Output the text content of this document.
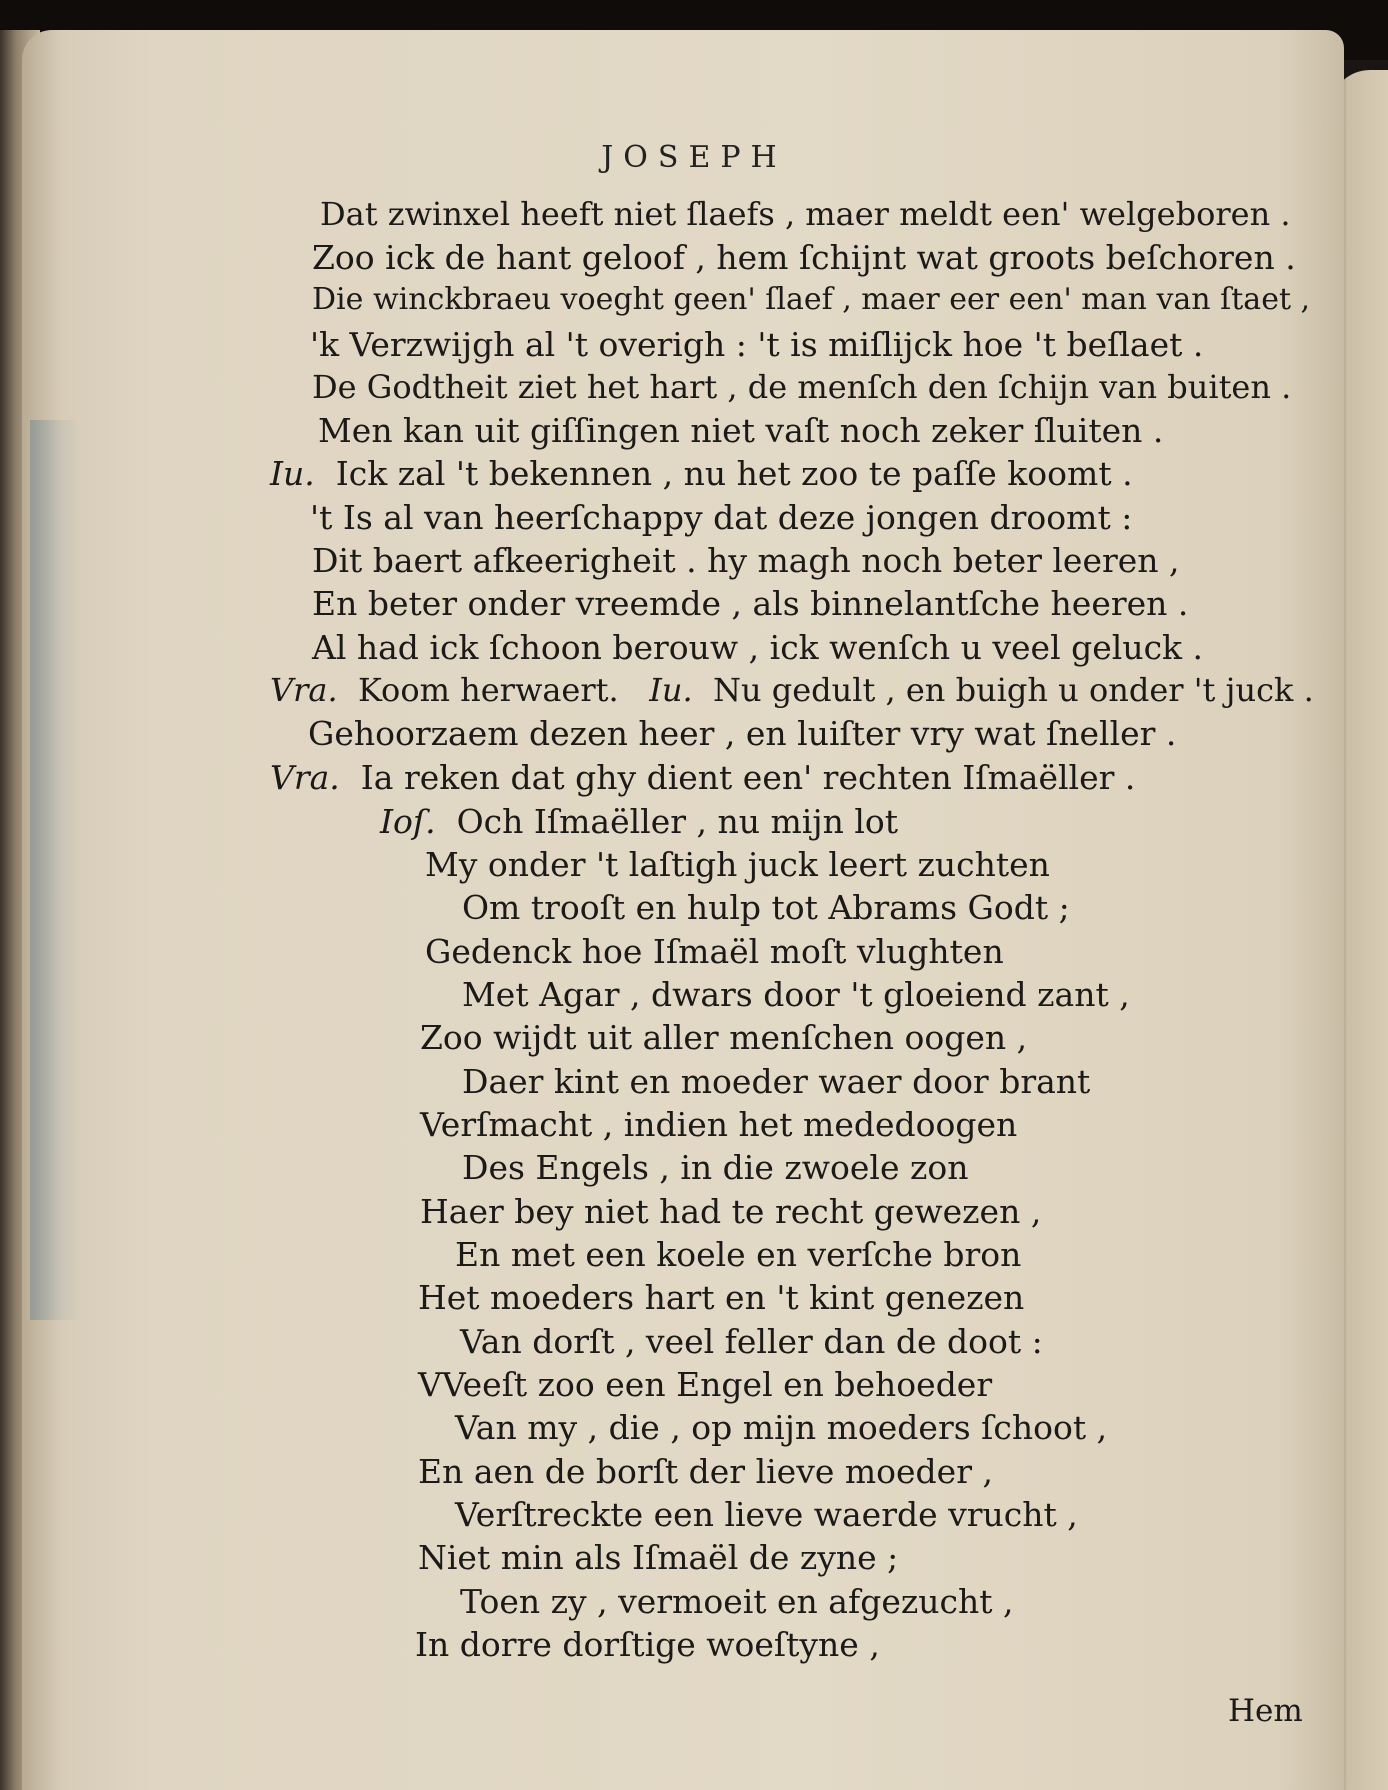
JOSEPH
Dat zwinxel heeft niet ſlaefs , maer meldt een' welgeboren .
Zoo ick de hant geloof , hem ſchijnt wat groots beſchoren .
Die winckbraeu voeght geen' ſlaef , maer eer een' man van ſtaet ,
'k Verzwijgh al 't overigh : 't is miſlijck hoe 't beſlaet .
De Godtheit ziet het hart , de menſch den ſchijn van buiten .
Men kan uit giſſingen niet vaſt noch zeker ſluiten .
Iu. Ick zal 't bekennen , nu het zoo te paſſe koomt .
't Is al van heerſchappy dat deze jongen droomt :
Dit baert afkeerigheit . hy magh noch beter leeren ,
En beter onder vreemde , als binnelantſche heeren .
Al had ick ſchoon berouw , ick wenſch u veel geluck .
Vra. Koom herwaert. Iu. Nu gedult , en buigh u onder 't juck .
Gehoorzaem dezen heer , en luiſter vry wat ſneller .
Vra. Ia reken dat ghy dient een' rechten Iſmaëller .
Ioſ. Och Iſmaëller , nu mijn lot
My onder 't laſtigh juck leert zuchten
Om trooſt en hulp tot Abrams Godt ;
Gedenck hoe Iſmaël moſt vlughten
Met Agar , dwars door 't gloeiend zant ,
Zoo wijdt uit aller menſchen oogen ,
Daer kint en moeder waer door brant
Verſmacht , indien het mededoogen
Des Engels , in die zwoele zon
Haer bey niet had te recht gewezen ,
En met een koele en verſche bron
Het moeders hart en 't kint genezen
Van dorſt , veel feller dan de doot :
VVeeſt zoo een Engel en behoeder
Van my , die , op mijn moeders ſchoot ,
En aen de borſt der lieve moeder ,
Verſtreckte een lieve waerde vrucht ,
Niet min als Iſmaël de zyne ;
Toen zy , vermoeit en afgezucht ,
In dorre dorſtige woeſtyne ,
Hem
